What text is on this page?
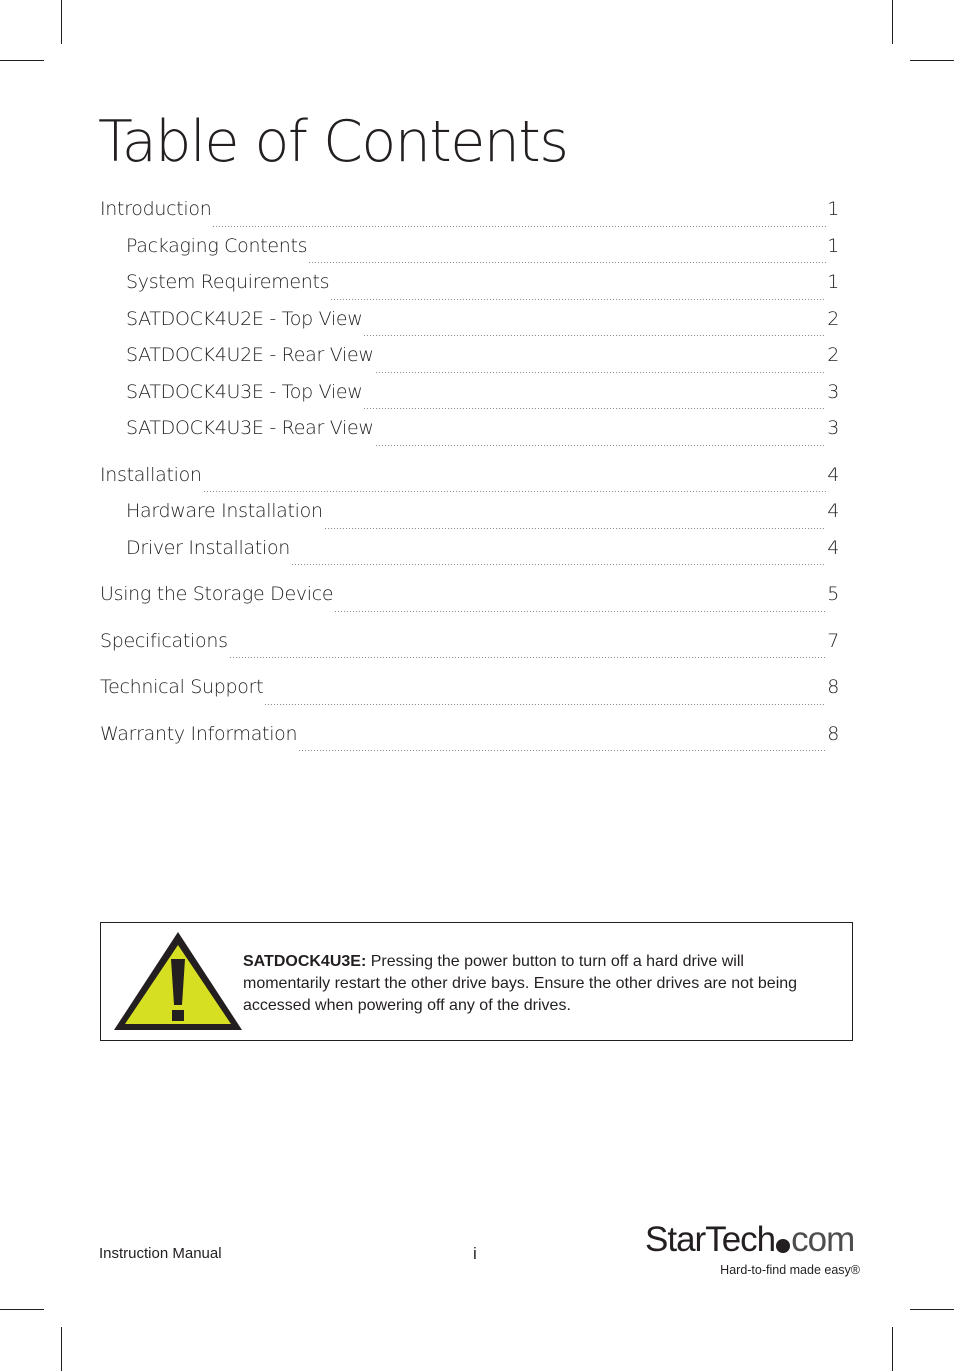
Table of Contents
Introduction	1
Packaging Contents	1
System Requirements	1
SATDOCK4U2E - Top View	2
SATDOCK4U2E - Rear View	2
SATDOCK4U3E - Top View	3
SATDOCK4U3E - Rear View	3
Installation	4
Hardware Installation	4
Driver Installation	4
Using the Storage Device	5
Specifications	7
Technical Support	8
Warranty Information	8
SATDOCK4U3E: Pressing the power button to turn off a hard drive will momentarily restart the other drive bays. Ensure the other drives are not being accessed when powering off any of the drives.
Instruction Manual	i	StarTech com
Hard-to-find made easy®
